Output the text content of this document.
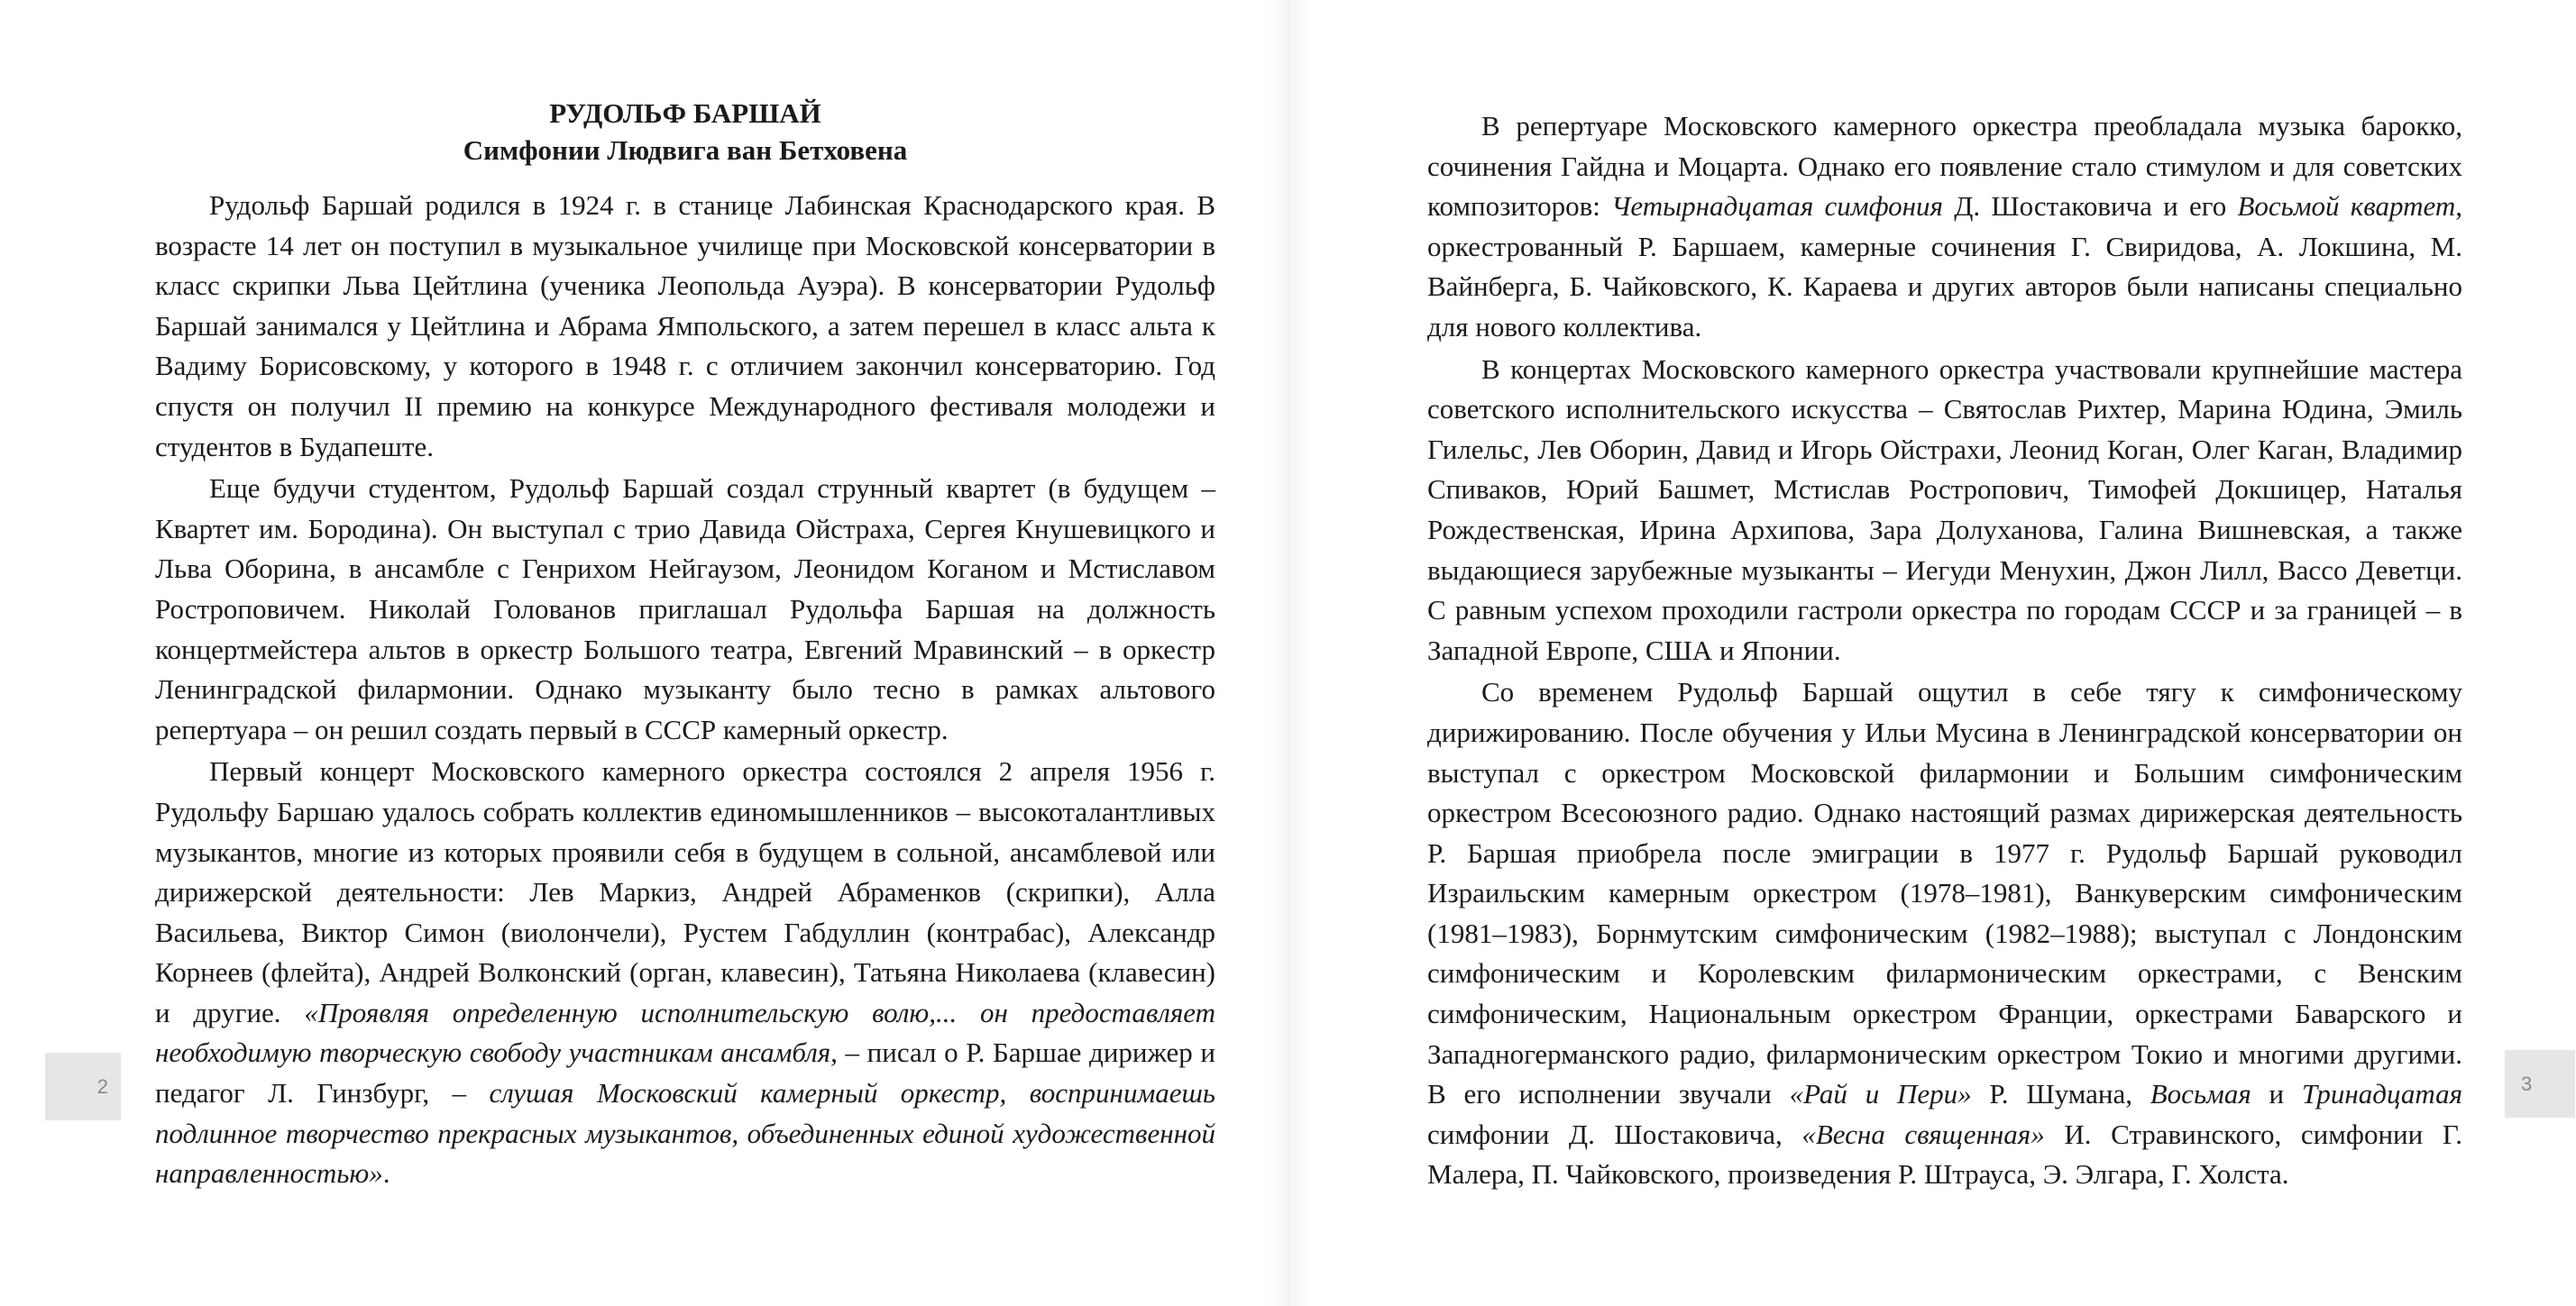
РУДОЛЬФ БАРШАЙ
Симфонии Людвига ван Бетховена

Рудольф Баршай родился в 1924 г. в станице Лабинская Краснодарского края. В возрасте 14 лет он поступил в музыкальное училище при Московской консерватории в класс скрипки Льва Цейтлина (ученика Леопольда Ауэра). В консерватории Рудольф Баршай занимался у Цейтлина и Абрама Ямпольского, а затем перешел в класс альта к Вадиму Борисовскому, у которого в 1948 г. с отличием закончил консерваторию. Год спустя он получил II премию на конкурсе Международного фестиваля молодежи и студентов в Будапеште.

Еще будучи студентом, Рудольф Баршай создал струнный квартет (в будущем – Квартет им. Бородина). Он выступал с трио Давида Ойстраха, Сергея Кнушевицкого и Льва Оборина, в ансамбле с Генрихом Нейгаузом, Леонидом Коганом и Мстиславом Ростроповичем. Николай Голованов приглашал Рудольфа Баршая на должность концертмейстера альтов в оркестр Большого театра, Евгений Мравинский – в оркестр Ленинградской филармонии. Однако музыканту было тесно в рамках альтового репертуара – он решил создать первый в СССР камерный оркестр.

Первый концерт Московского камерного оркестра состоялся 2 апреля 1956 г. Рудольфу Баршаю удалось собрать коллектив единомышленников – высокоталантливых музыкантов, многие из которых проявили себя в будущем в сольной, ансамблевой или дирижерской деятельности: Лев Маркиз, Андрей Абраменков (скрипки), Алла Васильева, Виктор Симон (виолончели), Рустем Габдуллин (контрабас), Александр Корнеев (флейта), Андрей Волконский (орган, клавесин), Татьяна Николаева (клавесин) и другие. «Проявляя определенную исполнительскую волю,... он предоставляет необходимую творческую свободу участникам ансамбля, – писал о Р. Баршае дирижер и педагог Л. Гинзбург, – слушая Московский камерный оркестр, воспринимаешь подлинное творчество прекрасных музыкантов, объединенных единой художественной направленностью».

2

В репертуаре Московского камерного оркестра преобладала музыка барокко, сочинения Гайдна и Моцарта. Однако его появление стало стимулом и для советских композиторов: Четырнадцатая симфония Д. Шостаковича и его Восьмой квартет, оркестрованный Р. Баршаем, камерные сочинения Г. Свиридова, А. Локшина, М. Вайнберга, Б. Чайковского, К. Караева и других авторов были написаны специально для нового коллектива.

В концертах Московского камерного оркестра участвовали крупнейшие мастера советского исполнительского искусства – Святослав Рихтер, Марина Юдина, Эмиль Гилельс, Лев Оборин, Давид и Игорь Ойстрахи, Леонид Коган, Олег Каган, Владимир Спиваков, Юрий Башмет, Мстислав Ростропович, Тимофей Докшицер, Наталья Рождественская, Ирина Архипова, Зара Долуханова, Галина Вишневская, а также выдающиеся зарубежные музыканты – Иегуди Менухин, Джон Лилл, Вассо Деветци. С равным успехом проходили гастроли оркестра по городам СССР и за границей – в Западной Европе, США и Японии.

Со временем Рудольф Баршай ощутил в себе тягу к симфоническому дирижированию. После обучения у Ильи Мусина в Ленинградской консерватории он выступал с оркестром Московской филармонии и Большим симфоническим оркестром Всесоюзного радио. Однако настоящий размах дирижерская деятельность Р. Баршая приобрела после эмиграции в 1977 г. Рудольф Баршай руководил Израильским камерным оркестром (1978–1981), Ванкуверским симфоническим (1981–1983), Борнмутским симфоническим (1982–1988); выступал с Лондонским симфоническим и Королевским филармоническим оркестрами, с Венским симфоническим, Национальным оркестром Франции, оркестрами Баварского и Западногерманского радио, филармоническим оркестром Токио и многими другими. В его исполнении звучали «Рай и Пери» Р. Шумана, Восьмая и Тринадцатая симфонии Д. Шостаковича, «Весна священная» И. Стравинского, симфонии Г. Малера, П. Чайковского, произведения Р. Штрауса, Э. Элгара, Г. Холста.

3
